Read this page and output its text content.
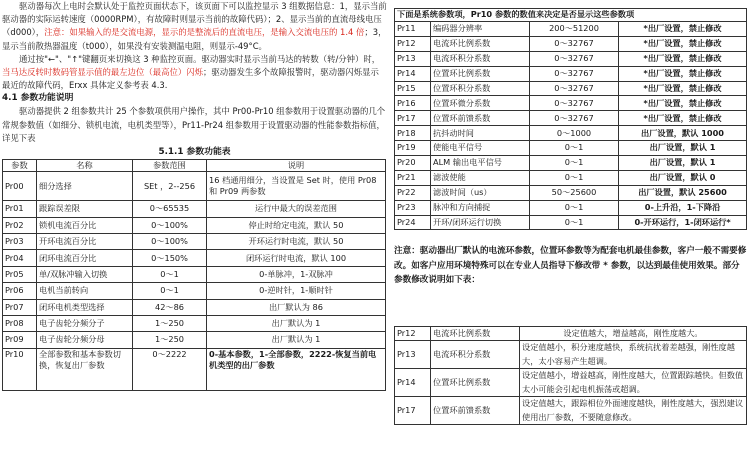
驱动器每次上电时会默认处于监控页面状态下，该页面下可以监控显示 3 组数据信息：1，显示当前驱动器的实际运转速度（0000RPM），有故障时则显示当前的故障代码）；2、显示当前的直流母线电压（d000），注意：如果输入的是交流电源，显示的是整流后的直流电压，是输入交流电压的 1.4 倍；3，显示当前散热器温度（t000），如果没有安装测温电阻，则显示-49°C。
通过按"←"、"↑"键翻页来切换这 3 种监控页面。驱动器实时显示当前马达的转数（转/分钟）时，当马达反转时数码管显示值的最左边位（最高位）闪烁；驱动器发生多个故障报警时，驱动器闪烁显示最近的故障代码，Erxx 具体定义参考表 4.3.
4.1 参数功能说明
驱动器提供 2 组参数共计 25 个参数项供用户操作，其中 Pr00-Pr10 组参数用于设置驱动器的几个常规参数值（如细分、锁机电流，电机类型等），Pr11-Pr24 组参数用于设置驱动器的性能参数指标值，详见下表
5.1.1 参数功能表
参数	名称	参数范围	说明
Pr00	细分选择	SEt ，2--256	16 档通用细分，当设置是 Set 时，使用 Pr08 和 Pr09 两参数
Pr01	跟踪误差限	0～65535	运行中最大的误差范围
Pr02	锁机电流百分比	0～100%	停止时给定电流，默认 50
Pr03	开环电流百分比	0～100%	开环运行时电流，默认 50
Pr04	闭环电流百分比	0～150%	闭环运行时电流，默认 100
Pr05	单/双脉冲输入切换	0～1	0-单脉冲，1-双脉冲
Pr06	电机当前转向	0～1	0-逆时针，1-顺时针
Pr07	闭环电机类型选择	42～86	出厂默认为 86
Pr08	电子齿轮分频分子	1～250	出厂默认为 1
Pr09	电子齿轮分频分母	1～250	出厂默认为 1
Pr10	全部参数和基本参数切换，恢复出厂参数	0～2222	0-基本参数，1-全部参数，2222-恢复当前电机类型的出厂参数
下面是系统参数项，Pr10 参数的数值来决定是否显示这些参数项			
Pr11	编码器分辨率	200～51200	*出厂设置，禁止修改
Pr12	电流环比例系数	0～32767	*出厂设置，禁止修改
Pr13	电流环积分系数	0～32767	*出厂设置，禁止修改
Pr14	位置环比例系数	0～32767	*出厂设置，禁止修改
Pr15	位置环积分系数	0～32767	*出厂设置，禁止修改
Pr16	位置环微分系数	0～32767	*出厂设置，禁止修改
Pr17	位置环前馈系数	0～32767	*出厂设置，禁止修改
Pr18	抗抖动时间	0～1000	出厂设置，默认 1000
Pr19	使能电平信号	0～1	出厂设置，默认 1
Pr20	ALM 输出电平信号	0～1	出厂设置，默认 1
Pr21	滤波使能	0～1	出厂设置，默认 0
Pr22	滤波时间（us）	50～25600	出厂设置，默认 25600
Pr23	脉冲和方向捕捉	0～1	0-上升沿，1-下降沿
Pr24	开环/闭环运行切换	0～1	0-开环运行，1-闭环运行*
注意：驱动器出厂默认的电流环参数，位置环参数等为配套电机最佳参数，客户一般不需要修改。如客户应用环境特殊可以在专业人员指导下修改带 * 参数，以达到最佳使用效果。部分参数修改说明如下表：
Pr12	电流环比例系数	设定值越大，增益越高，刚性度越大。
Pr13	电流环积分系数	设定值越小，积分速度越快，系统抗扰着差越强，刚性度越大，太小容易产生超调。
Pr14	位置环比例系数	设定值越小，增益越高，刚性度越大，位置跟踪越快。但数值太小可能会引起电机振荡或超调。
Pr17	位置环前馈系数	设定值越大，跟踪相位外面速度越快，刚性度越大，强烈建议使用出厂参数，不要随意修改。
